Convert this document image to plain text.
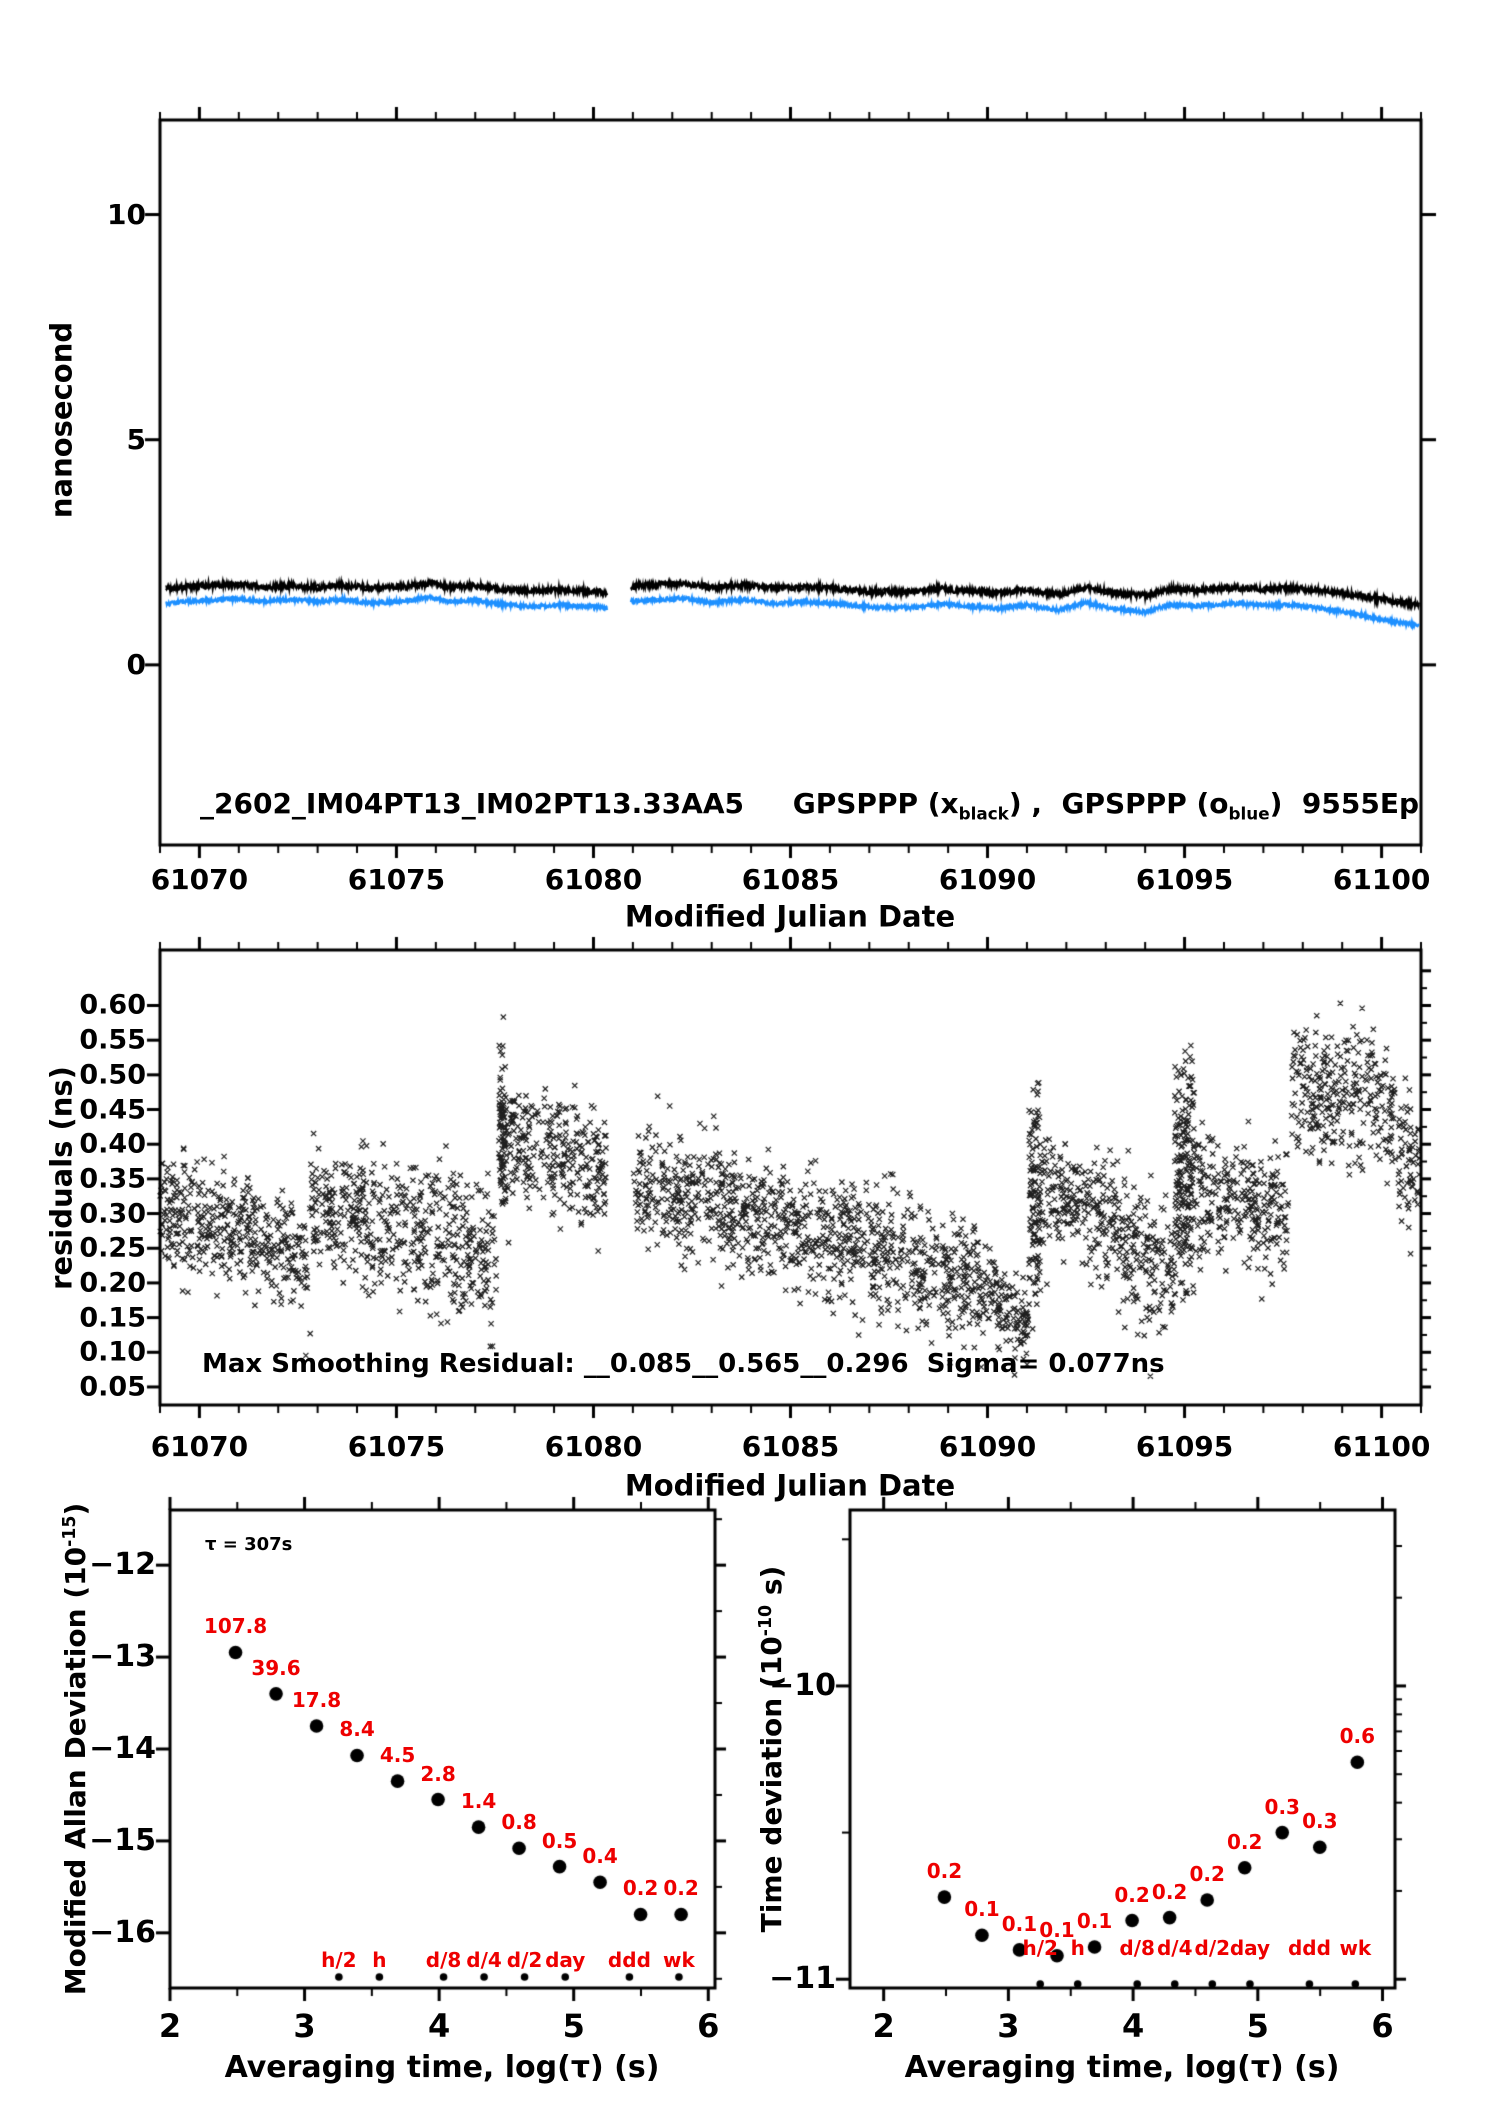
nanosecond
_2602_IM04PT13_IM02PT13.33AA5     GPSPPP $(x_{black})$ ,  GPSPPP $(o_{blue})$  9555Ep
Modified Julian Date
residuals (ns)
Max Smoothing Residual: __0.085__0.565__0.296  Sigma= 0.077ns
Modified Julian Date
Modified Allan Deviation $(10^{-15})$
τ = 307s
Averaging time, log(τ) (s)
Time deviation ($10^{-10}$ s)
Averaging time, log(τ) (s)
61070	61075	61080	61085	61090	61095	61100
0
5
10
61070	61075	61080	61085	61090	61095	61100
0.05
0.10
0.15
0.20
0.25
0.30
0.35
0.40
0.45
0.50
0.55
0.60
−12
−13
−14
−15
−16
2	3	4	5	6
107.8
39.6
17.8
8.4
4.5
2.8
1.4
0.8
0.5
0.4
0.2 0.2
h/2 h d/8 d/4 d/2 day ddd wk
−10
−11
2	3	4	5	6
0.2
0.1
0.1 0.1 0.1
0.2 0.2
0.2
0.2
0.3
0.3
0.6
h/2 h d/8 d/4 d/2 day ddd wk
